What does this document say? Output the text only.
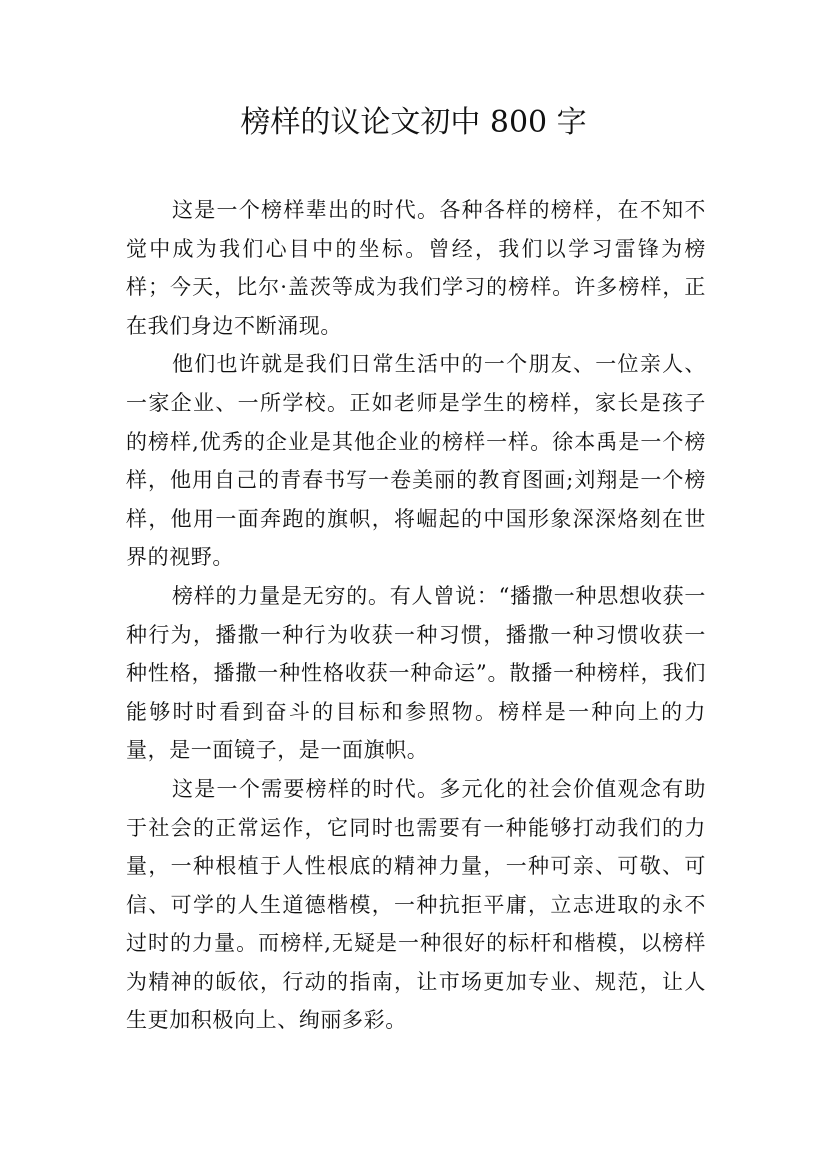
榜样的议论文初中 800 字

这是一个榜样辈出的时代。各种各样的榜样，在不知不觉中成为我们心目中的坐标。曾经，我们以学习雷锋为榜样；今天，比尔·盖茨等成为我们学习的榜样。许多榜样，正在我们身边不断涌现。

他们也许就是我们日常生活中的一个朋友、一位亲人、一家企业、一所学校。正如老师是学生的榜样，家长是孩子的榜样,优秀的企业是其他企业的榜样一样。徐本禹是一个榜样，他用自己的青春书写一卷美丽的教育图画;刘翔是一个榜样，他用一面奔跑的旗帜，将崛起的中国形象深深烙刻在世界的视野。

榜样的力量是无穷的。有人曾说：“播撒一种思想收获一种行为，播撒一种行为收获一种习惯，播撒一种习惯收获一种性格，播撒一种性格收获一种命运”。散播一种榜样，我们能够时时看到奋斗的目标和参照物。榜样是一种向上的力量，是一面镜子，是一面旗帜。

这是一个需要榜样的时代。多元化的社会价值观念有助于社会的正常运作，它同时也需要有一种能够打动我们的力量，一种根植于人性根底的精神力量，一种可亲、可敬、可信、可学的人生道德楷模，一种抗拒平庸，立志进取的永不过时的力量。而榜样,无疑是一种很好的标杆和楷模，以榜样为精神的皈依，行动的指南，让市场更加专业、规范，让人生更加积极向上、绚丽多彩。
